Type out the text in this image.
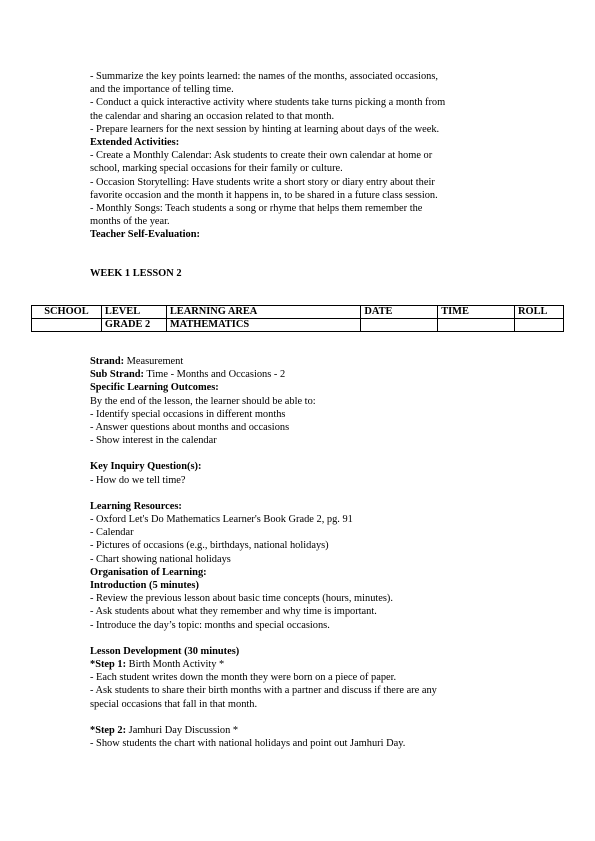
- Summarize the key points learned: the names of the months, associated occasions,

and the importance of telling time.

- Conduct a quick interactive activity where students take turns picking a month from

the calendar and sharing an occasion related to that month.

- Prepare learners for the next session by hinting at learning about days of the week.

Extended Activities:

- Create a Monthly Calendar: Ask students to create their own calendar at home or

school, marking special occasions for their family or culture.

- Occasion Storytelling: Have students write a short story or diary entry about their

favorite occasion and the month it happens in, to be shared in a future class session.

- Monthly Songs: Teach students a song or rhyme that helps them remember the

months of the year.

Teacher Self-Evaluation:

WEEK 1 LESSON 2
SCHOOL	LEVEL	LEARNING AREA	DATE	TIME	ROLL
	GRADE 2	MATHEMATICS			

Strand: Measurement

Sub Strand: Time - Months and Occasions - 2

Specific Learning Outcomes:

By the end of the lesson, the learner should be able to:

- Identify special occasions in different months

- Answer questions about months and occasions

- Show interest in the calendar

Key Inquiry Question(s):

- How do we tell time?

Learning Resources:

- Oxford Let's Do Mathematics Learner's Book Grade 2, pg. 91

- Calendar

- Pictures of occasions (e.g., birthdays, national holidays)

- Chart showing national holidays

Organisation of Learning:

Introduction (5 minutes)

- Review the previous lesson about basic time concepts (hours, minutes).

- Ask students about what they remember and why time is important.

- Introduce the day’s topic: months and special occasions.

Lesson Development (30 minutes)

*Step 1: Birth Month Activity *

- Each student writes down the month they were born on a piece of paper.

- Ask students to share their birth months with a partner and discuss if there are any

special occasions that fall in that month.

*Step 2: Jamhuri Day Discussion *

- Show students the chart with national holidays and point out Jamhuri Day.
